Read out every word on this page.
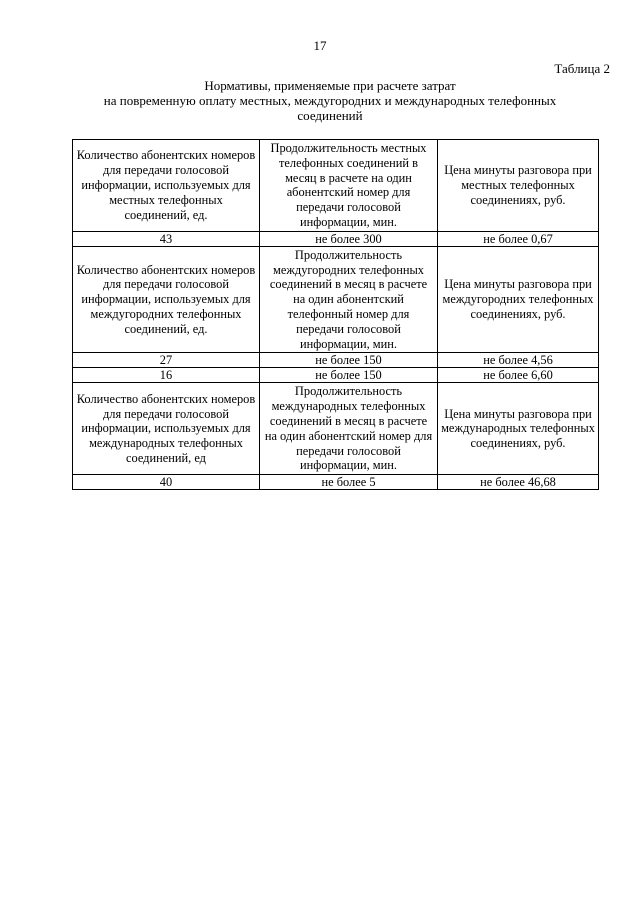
17
Таблица 2
Нормативы, применяемые при расчете затрат
на повременную оплату местных, междугородних и международных телефонных
соединений
Количество абонентских номеров для передачи голосовой информации, используемых для местных телефонных соединений, ед.	Продолжительность местных телефонных соединений в месяц в расчете на один абонентский номер для передачи голосовой информации, мин.	Цена минуты разговора при местных телефонных соединениях, руб.
43	не более 300	не более 0,67
Количество абонентских номеров для передачи голосовой информации, используемых для междугородних телефонных соединений, ед.	Продолжительность междугородних телефонных соединений в месяц в расчете на один абонентский телефонный номер для передачи голосовой информации, мин.	Цена минуты разговора при междугородних телефонных соединениях, руб.
27	не более 150	не более 4,56
16	не более 150	не более 6,60
Количество абонентских номеров для передачи голосовой информации, используемых для международных телефонных соединений, ед	Продолжительность международных телефонных соединений в месяц в расчете на один абонентский номер для передачи голосовой информации, мин.	Цена минуты разговора при международных телефонных соединениях, руб.
40	не более 5	не более 46,68
